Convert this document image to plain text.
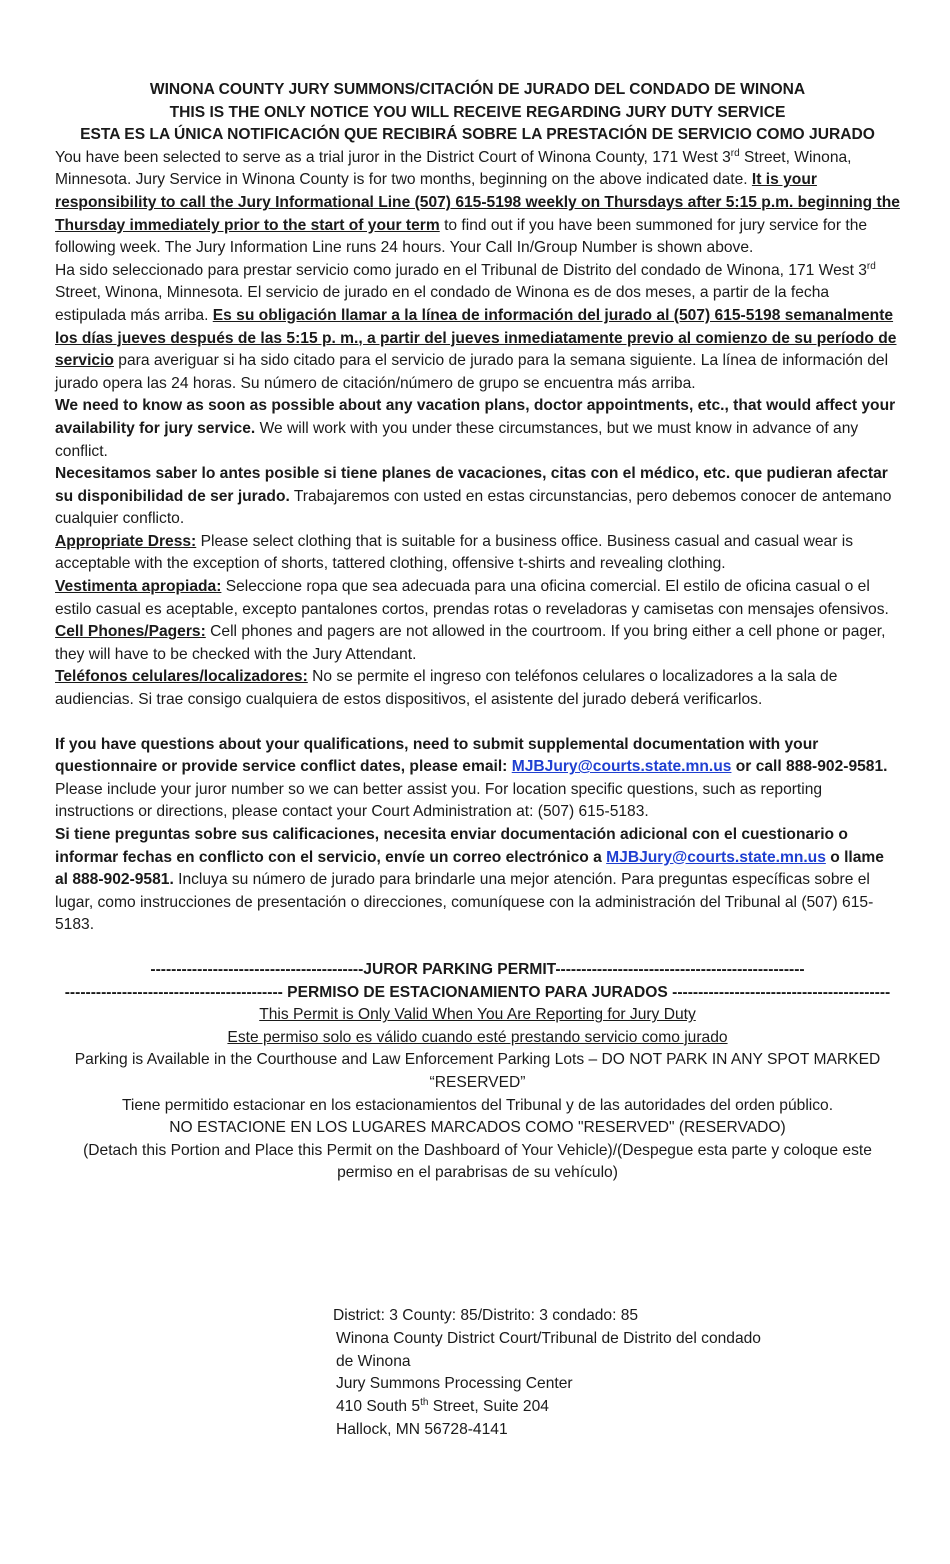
WINONA COUNTY JURY SUMMONS/CITACIÓN DE JURADO DEL CONDADO DE WINONA

THIS IS THE ONLY NOTICE YOU WILL RECEIVE REGARDING JURY DUTY SERVICE

ESTA ES LA ÚNICA NOTIFICACIÓN QUE RECIBIRÁ SOBRE LA PRESTACIÓN DE SERVICIO COMO JURADO

You have been selected to serve as a trial juror in the District Court of Winona County, 171 West 3rd Street, Winona, Minnesota. Jury Service in Winona County is for two months, beginning on the above indicated date. It is your responsibility to call the Jury Informational Line (507) 615-5198 weekly on Thursdays after 5:15 p.m. beginning the Thursday immediately prior to the start of your term to find out if you have been summoned for jury service for the following week. The Jury Information Line runs 24 hours. Your Call In/Group Number is shown above.

Ha sido seleccionado para prestar servicio como jurado en el Tribunal de Distrito del condado de Winona, 171 West 3rd Street, Winona, Minnesota. El servicio de jurado en el condado de Winona es de dos meses, a partir de la fecha estipulada más arriba. Es su obligación llamar a la línea de información del jurado al (507) 615-5198 semanalmente los días jueves después de las 5:15 p. m., a partir del jueves inmediatamente previo al comienzo de su período de servicio para averiguar si ha sido citado para el servicio de jurado para la semana siguiente. La línea de información del jurado opera las 24 horas. Su número de citación/número de grupo se encuentra más arriba.

We need to know as soon as possible about any vacation plans, doctor appointments, etc., that would affect your availability for jury service. We will work with you under these circumstances, but we must know in advance of any conflict.

Necesitamos saber lo antes posible si tiene planes de vacaciones, citas con el médico, etc. que pudieran afectar su disponibilidad de ser jurado. Trabajaremos con usted en estas circunstancias, pero debemos conocer de antemano cualquier conflicto.

Appropriate Dress: Please select clothing that is suitable for a business office. Business casual and casual wear is acceptable with the exception of shorts, tattered clothing, offensive t-shirts and revealing clothing.

Vestimenta apropiada: Seleccione ropa que sea adecuada para una oficina comercial. El estilo de oficina casual o el estilo casual es aceptable, excepto pantalones cortos, prendas rotas o reveladoras y camisetas con mensajes ofensivos.

Cell Phones/Pagers: Cell phones and pagers are not allowed in the courtroom. If you bring either a cell phone or pager, they will have to be checked with the Jury Attendant.

Teléfonos celulares/localizadores: No se permite el ingreso con teléfonos celulares o localizadores a la sala de audiencias. Si trae consigo cualquiera de estos dispositivos, el asistente del jurado deberá verificarlos.

If you have questions about your qualifications, need to submit supplemental documentation with your questionnaire or provide service conflict dates, please email: MJBJury@courts.state.mn.us or call 888-902-9581. Please include your juror number so we can better assist you. For location specific questions, such as reporting instructions or directions, please contact your Court Administration at: (507) 615-5183.

Si tiene preguntas sobre sus calificaciones, necesita enviar documentación adicional con el cuestionario o informar fechas en conflicto con el servicio, envíe un correo electrónico a MJBJury@courts.state.mn.us o llame al 888-902-9581. Incluya su número de jurado para brindarle una mejor atención. Para preguntas específicas sobre el lugar, como instrucciones de presentación o direcciones, comuníquese con la administración del Tribunal al (507) 615-5183.

-----------------------------------------JUROR PARKING PERMIT------------------------------------------------

------------------------------------------ PERMISO DE ESTACIONAMIENTO PARA JURADOS ------------------------------------------

This Permit is Only Valid When You Are Reporting for Jury Duty

Este permiso solo es válido cuando esté prestando servicio como jurado

Parking is Available in the Courthouse and Law Enforcement Parking Lots – DO NOT PARK IN ANY SPOT MARKED “RESERVED”

Tiene permitido estacionar en los estacionamientos del Tribunal y de las autoridades del orden público.

NO ESTACIONE EN LOS LUGARES MARCADOS COMO "RESERVED" (RESERVADO)

(Detach this Portion and Place this Permit on the Dashboard of Your Vehicle)/(Despegue esta parte y coloque este permiso en el parabrisas de su vehículo)

District: 3 County: 85/Distrito: 3 condado: 85

Winona County District Court/Tribunal de Distrito del condado

de Winona

Jury Summons Processing Center

410 South 5th Street, Suite 204

Hallock, MN 56728-4141
